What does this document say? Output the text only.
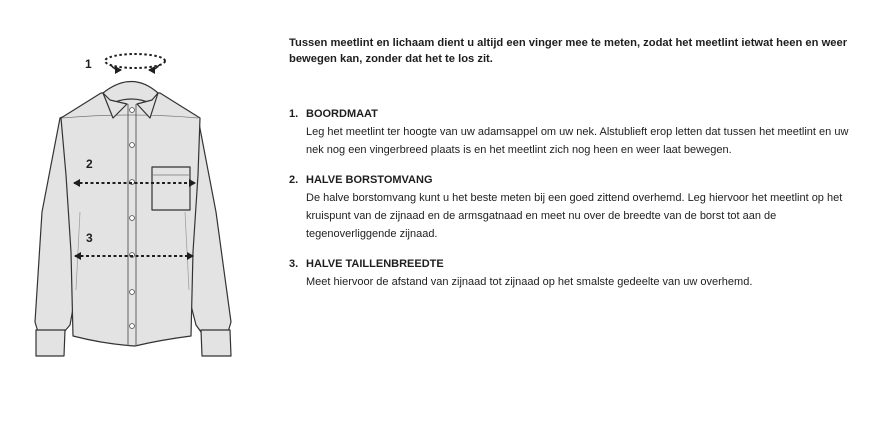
1
2
3

Tussen meetlint en lichaam dient u altijd een vinger mee te meten, zodat het meetlint ietwat heen en weer bewegen kan, zonder dat het te los zit.

1. BOORDMAAT
Leg het meetlint ter hoogte van uw adamsappel om uw nek. Alstublieft erop letten dat tussen het meetlint en uw nek nog een vingerbreed plaats is en het meetlint zich nog heen en weer laat bewegen.
2. HALVE BORSTOMVANG
De halve borstomvang kunt u het beste meten bij een goed zittend overhemd. Leg hiervoor het meetlint op het kruispunt van de zijnaad en de armsgatnaad en meet nu over de breedte van de borst tot aan de tegenoverliggende zijnaad.
3. HALVE TAILLENBREEDTE
Meet hiervoor de afstand van zijnaad tot zijnaad op het smalste gedeelte van uw overhemd.
